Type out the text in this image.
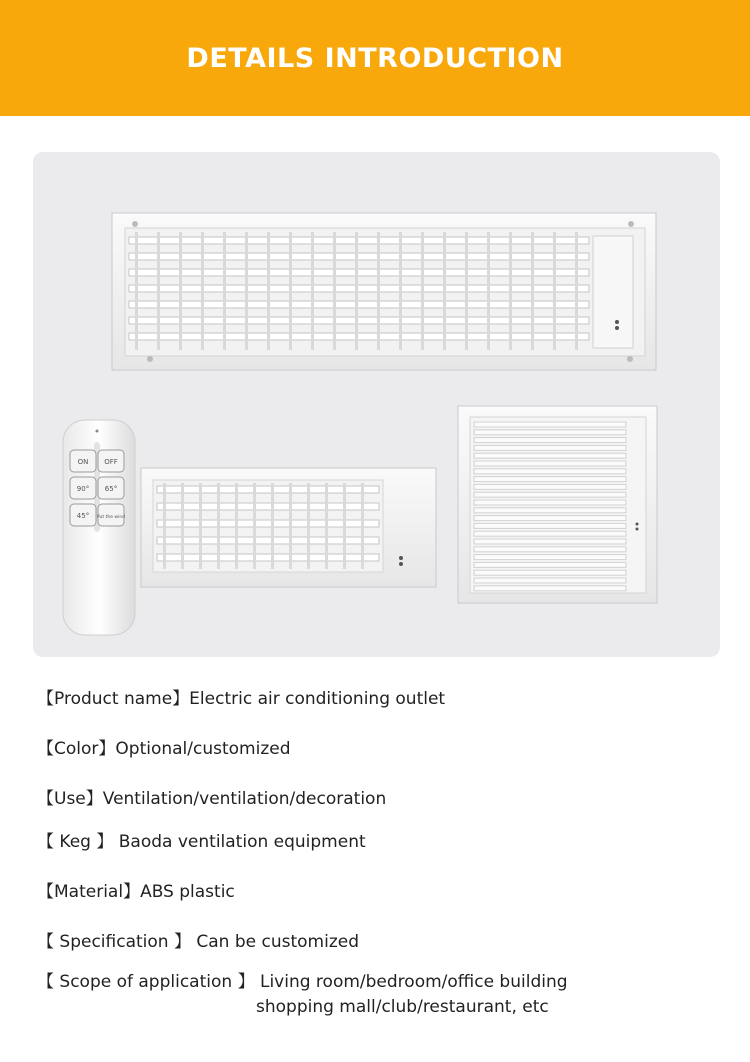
DETAILS INTRODUCTION
ON OFF
90° 65°
45° Put the wind
【Product name】Electric air conditioning outlet
【Color】Optional/customized
【Use】Ventilation/ventilation/decoration
【 Keg 】 Baoda ventilation equipment
【Material】ABS plastic
【 Specification 】 Can be customized
【 Scope of application 】 Living room/bedroom/office building
shopping mall/club/restaurant, etc
